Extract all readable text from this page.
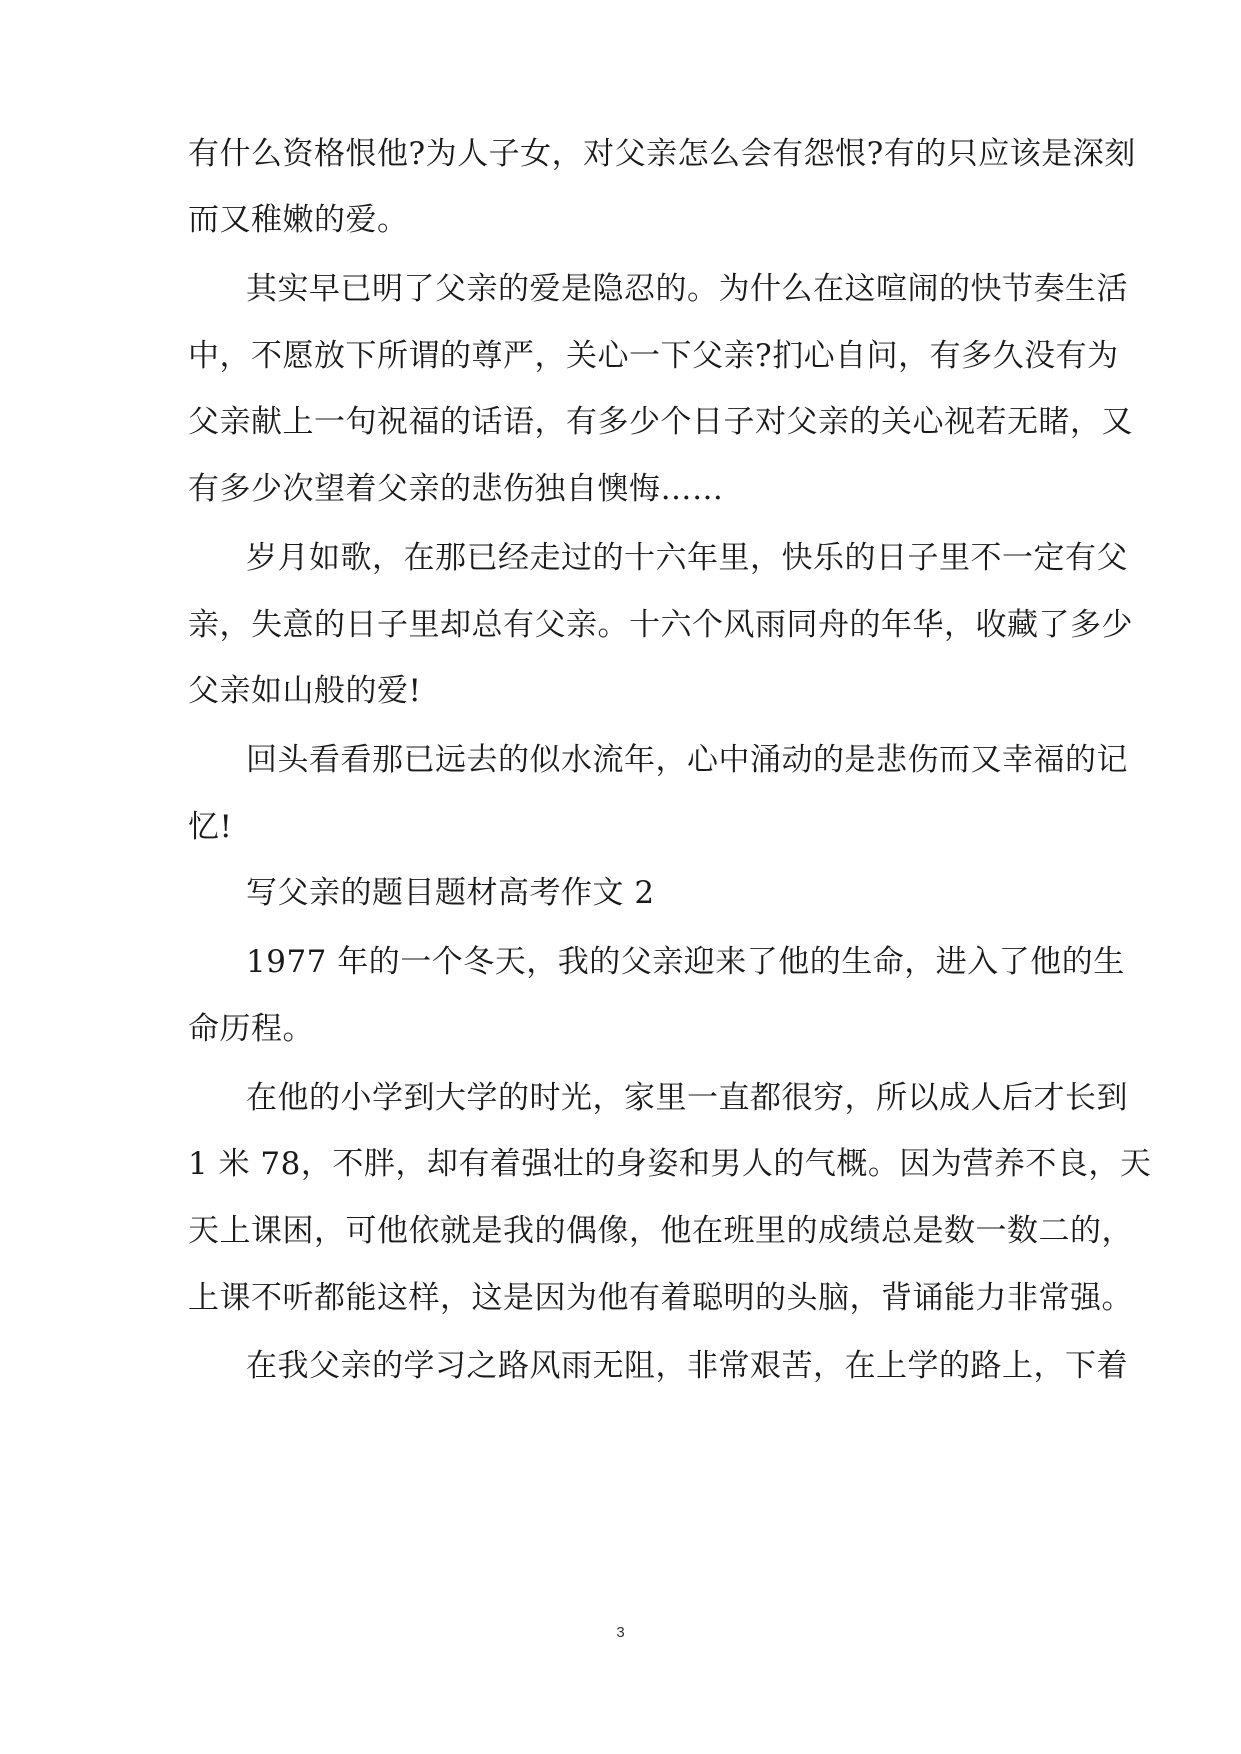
有什么资格恨他?为人子女，对父亲怎么会有怨恨?有的只应该是深刻
而又稚嫩的爱。
其实早已明了父亲的爱是隐忍的。为什么在这喧闹的快节奏生活
中，不愿放下所谓的尊严，关心一下父亲?扪心自问，有多久没有为
父亲献上一句祝福的话语，有多少个日子对父亲的关心视若无睹，又
有多少次望着父亲的悲伤独自懊悔……
岁月如歌，在那已经走过的十六年里，快乐的日子里不一定有父
亲，失意的日子里却总有父亲。十六个风雨同舟的年华，收藏了多少
父亲如山般的爱!
回头看看那已远去的似水流年，心中涌动的是悲伤而又幸福的记
忆!
写父亲的题目题材高考作文 2
1977 年的一个冬天，我的父亲迎来了他的生命，进入了他的生
命历程。
在他的小学到大学的时光，家里一直都很穷，所以成人后才长到
1 米 78，不胖，却有着强壮的身姿和男人的气概。因为营养不良，天
天上课困，可他依就是我的偶像，他在班里的成绩总是数一数二的，
上课不听都能这样，这是因为他有着聪明的头脑，背诵能力非常强。
在我父亲的学习之路风雨无阻，非常艰苦，在上学的路上，下着
3
